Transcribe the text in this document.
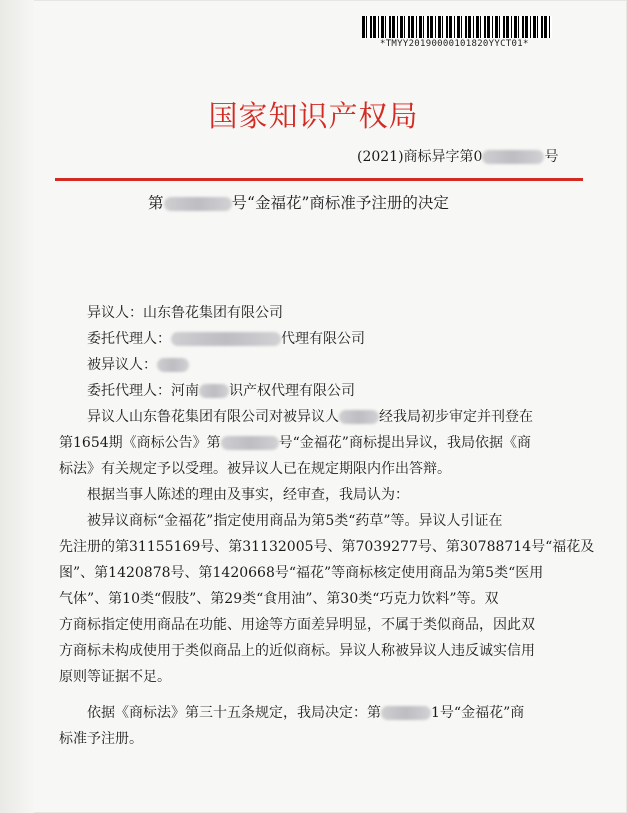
*TMYY20190000101820YYCT01*
国家知识产权局
(2021)商标异字第0	号
第	号“金福花”商标准予注册的决定
异议人：山东鲁花集团有限公司
委托代理人：	代理有限公司
被异议人：
委托代理人：河南 识产权代理有限公司
异议人山东鲁花集团有限公司对被异议人	经我局初步审定并刊登在
第1654期《商标公告》第	号“金福花”商标提出异议，我局依据《商
标法》有关规定予以受理。被异议人已在规定期限内作出答辩。
根据当事人陈述的理由及事实，经审查，我局认为：
被异议商标“金福花”指定使用商品为第5类“药草”等。异议人引证在
先注册的第31155169号、第31132005号、第7039277号、第30788714号“福花及
图”、第1420878号、第1420668号“福花”等商标核定使用商品为第5类“医用
气体”、第10类“假肢”、第29类“食用油”、第30类“巧克力饮料”等。双
方商标指定使用商品在功能、用途等方面差异明显，不属于类似商品，因此双
方商标未构成使用于类似商品上的近似商标。异议人称被异议人违反诚实信用
原则等证据不足。
依据《商标法》第三十五条规定，我局决定：第	1号“金福花”商
标准予注册。
